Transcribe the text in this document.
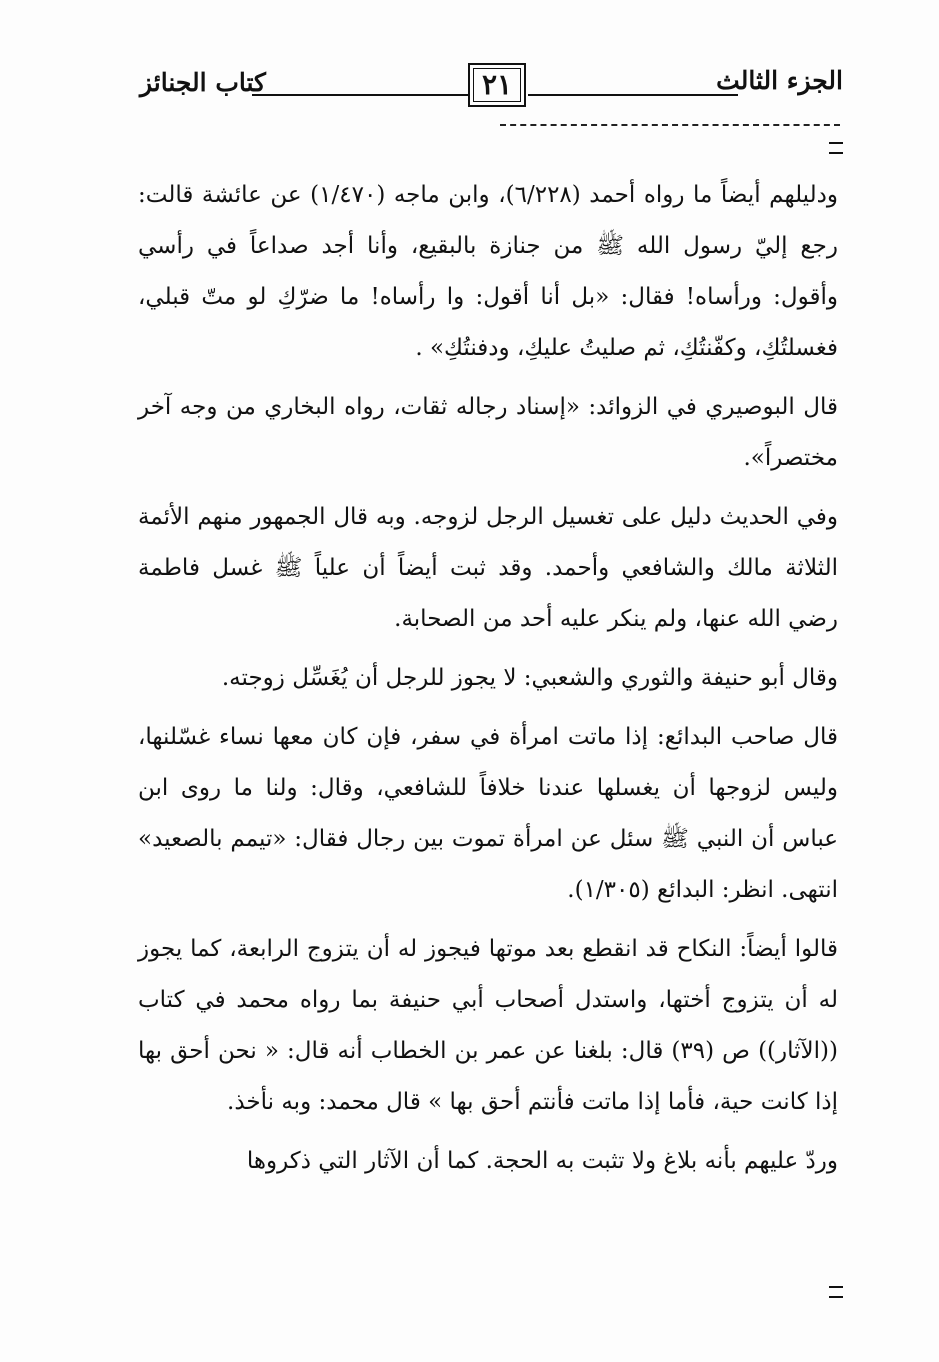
الجزء الثالث
٢١
كتاب الجنائز

ودليلهم أيضاً ما رواه أحمد (٦/٢٢٨)، وابن ماجه (١/٤٧٠) عن عائشة قالت: رجع إليّ رسول الله ﷺ من جنازة بالبقيع، وأنا أجد صداعاً في رأسي وأقول: ورأساه! فقال: «بل أنا أقول: وا رأساه! ما ضرّكِ لو متّ قبلي، فغسلتُكِ، وكفّنتُكِ، ثم صليتُ عليكِ، ودفنتُكِ» .

قال البوصيري في الزوائد: «إسناد رجاله ثقات، رواه البخاري من وجه آخر مختصراً».

وفي الحديث دليل على تغسيل الرجل لزوجه. وبه قال الجمهور منهم الأئمة الثلاثة مالك والشافعي وأحمد. وقد ثبت أيضاً أن علياً ﷺ غسل فاطمة رضي الله عنها، ولم ينكر عليه أحد من الصحابة.

وقال أبو حنيفة والثوري والشعبي: لا يجوز للرجل أن يُغَسِّل زوجته.

قال صاحب البدائع: إذا ماتت امرأة في سفر، فإن كان معها نساء غسّلنها، وليس لزوجها أن يغسلها عندنا خلافاً للشافعي، وقال: ولنا ما روى ابن عباس أن النبي ﷺ سئل عن امرأة تموت بين رجال فقال: «تيمم بالصعيد» انتهى. انظر: البدائع (١/٣٠٥).

قالوا أيضاً: النكاح قد انقطع بعد موتها فيجوز له أن يتزوج الرابعة، كما يجوز له أن يتزوج أختها، واستدل أصحاب أبي حنيفة بما رواه محمد في كتاب ((الآثار)) ص (٣٩) قال: بلغنا عن عمر بن الخطاب أنه قال: « نحن أحق بها إذا كانت حية، فأما إذا ماتت فأنتم أحق بها » قال محمد: وبه نأخذ.

وردّ عليهم بأنه بلاغ ولا تثبت به الحجة. كما أن الآثار التي ذكروها
